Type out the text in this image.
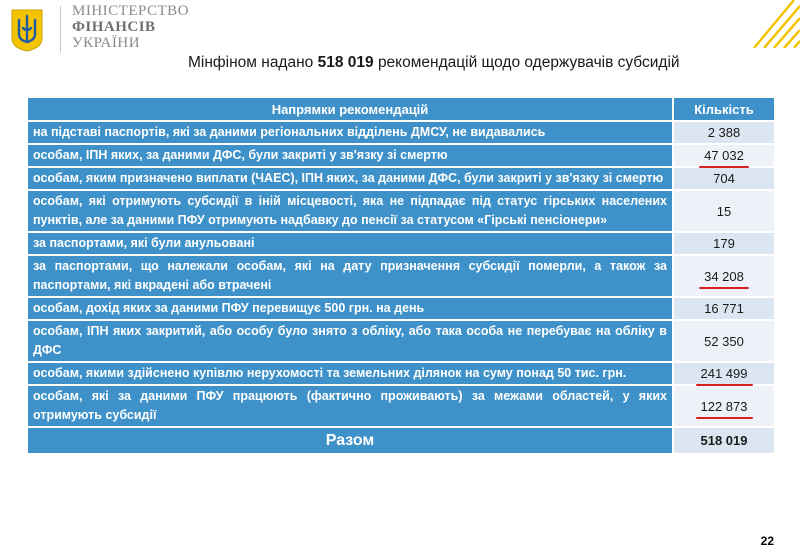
МІНІСТЕРСТВО
ФІНАНСІВ
УКРАЇНИ
Мінфіном надано 518 019 рекомендацій щодо одержувачів субсидій
Напрямки рекомендацій	Кількість
на підставі паспортів, які за даними регіональних відділень ДМСУ, не видавались	2 388
особам, ІПН яких, за даними ДФС, були закриті у зв'язку зі смертю	47 032
особам, яким призначено виплати (ЧАЕС), ІПН яких, за даними ДФС, були закриті у зв'язку зі смертю	704
особам, які отримують субсидії в іній місцевості, яка не підпадає під статус гірських населених пунктів, але за даними ПФУ отримують надбавку до пенсії за статусом «Гірські пенсіонери»	15
за паспортами, які були анульовані	179
за паспортами, що належали особам, які на дату призначення субсидії померли, а також за паспортами, які вкрадені або втрачені	34 208
особам, дохід яких за даними ПФУ перевищує 500 грн. на день	16 771
особам, ІПН яких закритий, або особу було знято з обліку, або така особа не перебуває на обліку в ДФС	52 350
особам, якими здійснено купівлю нерухомості та земельних ділянок на суму понад 50 тис. грн.	241 499
особам, які за даними ПФУ працюють (фактично проживають) за межами областей, у яких отримують субсидії	122 873
Разом	518 019
22
